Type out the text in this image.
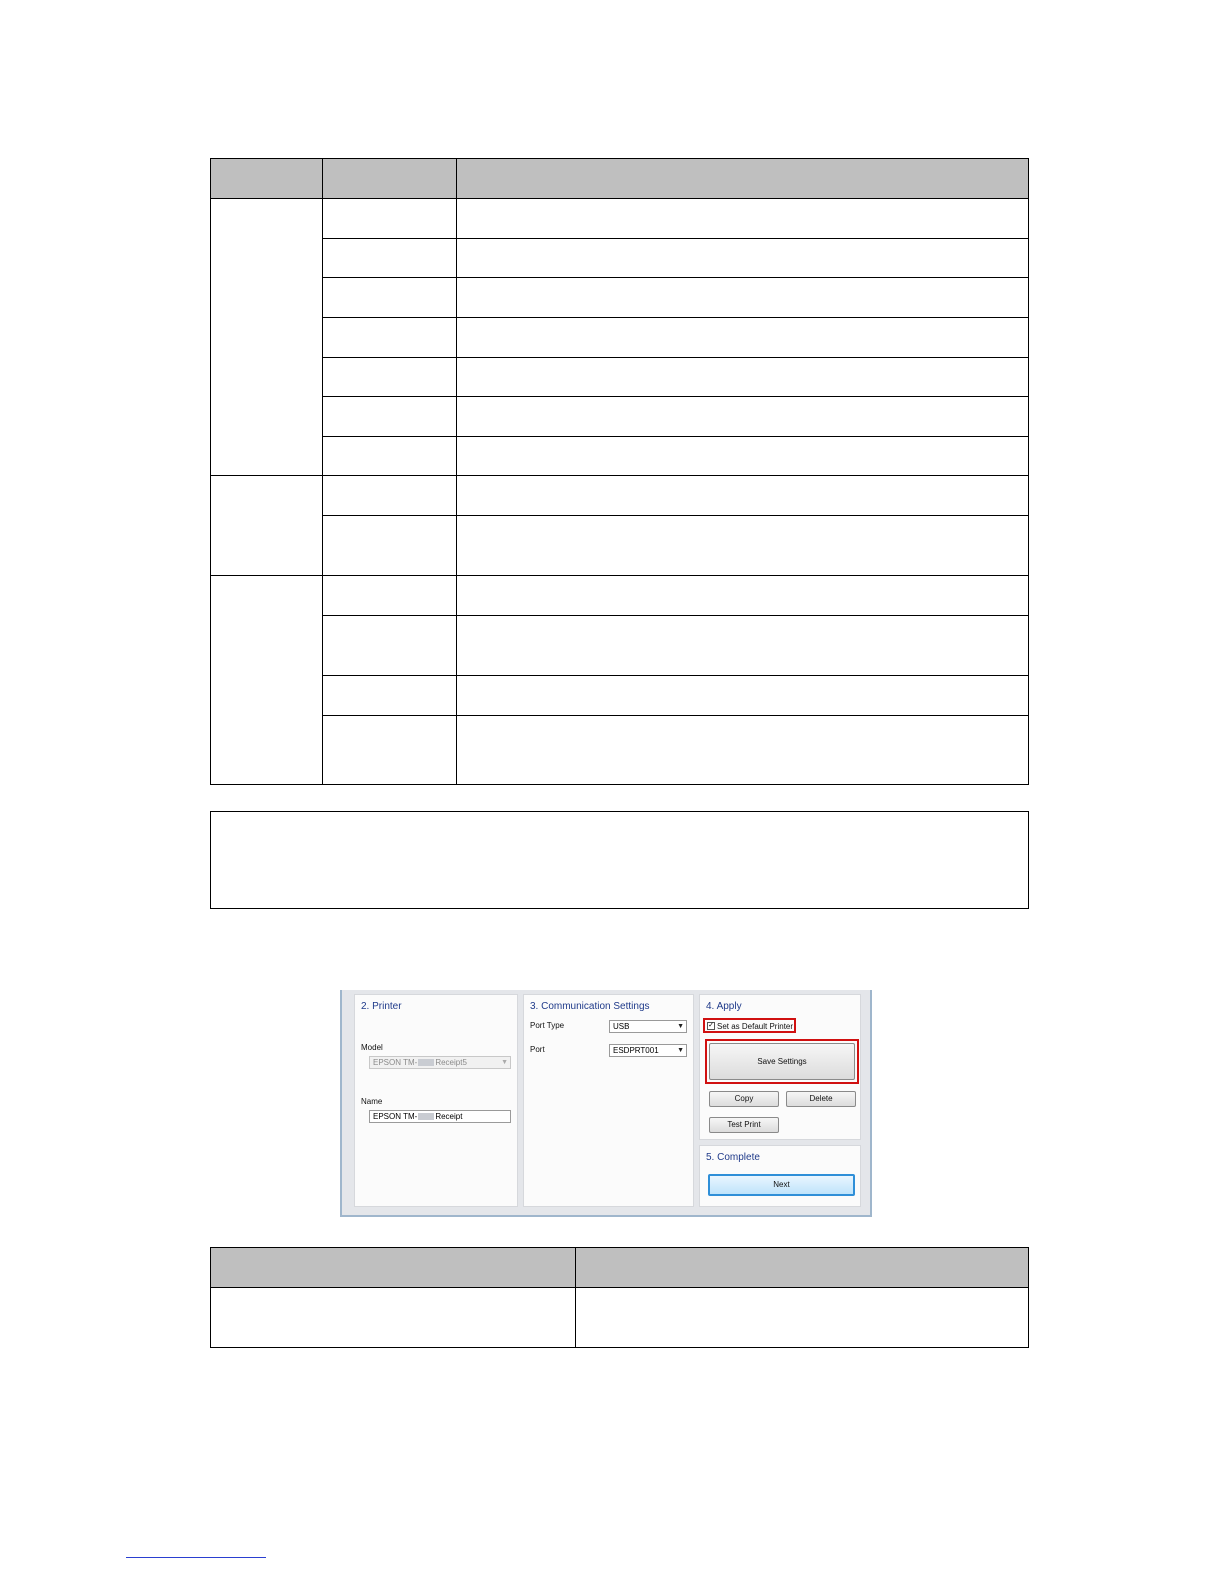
2. Printer
Model
EPSON TM- Receipt5	▼
Name
EPSON TM- Receipt
3. Communication Settings
Port Type	USB	▼
Port	ESDPRT001	▼
4. Apply
✓ Set as Default Printer
Save Settings
Copy	Delete
Test Print
5. Complete
Next
